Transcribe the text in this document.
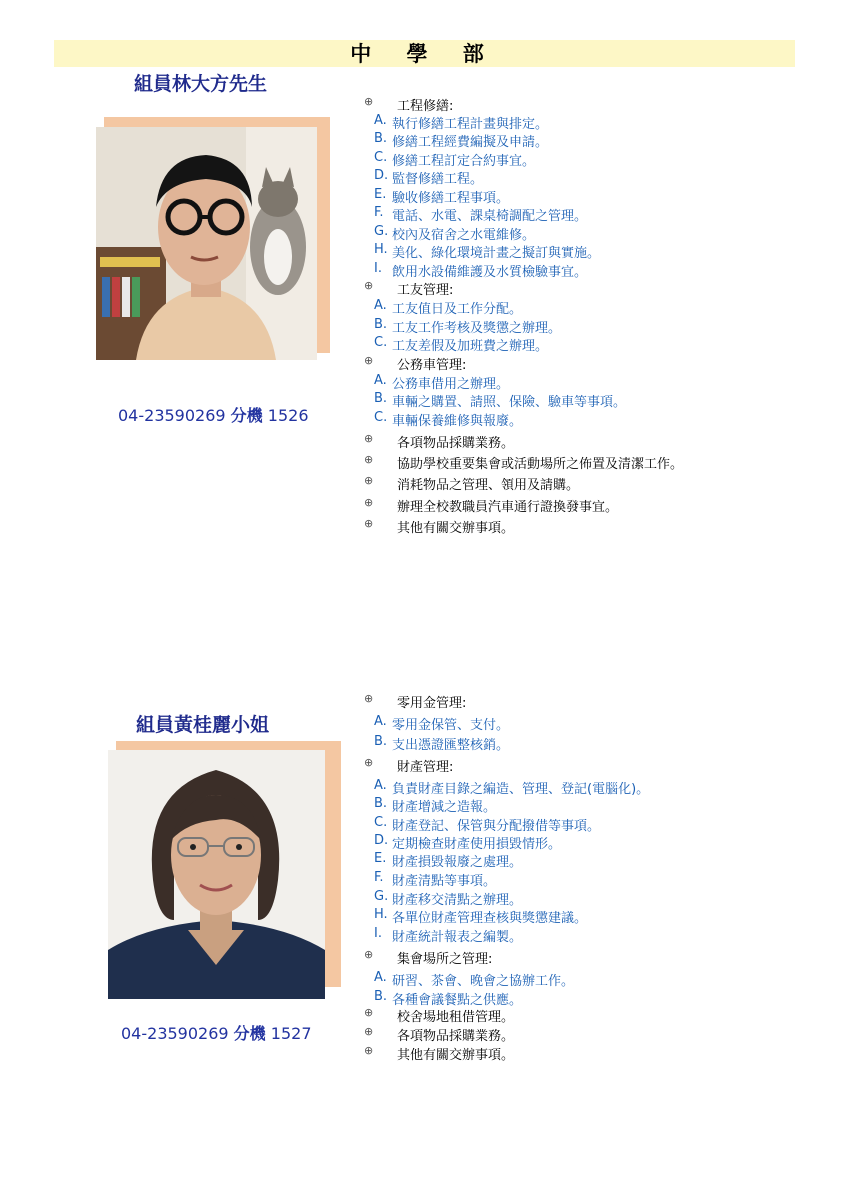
中 學 部
組員林大方先生
04-23590269 分機 1526
⊕ 工程修繕:
A. 執行修繕工程計畫與排定。
B. 修繕工程經費編擬及申請。
C. 修繕工程訂定合約事宜。
D. 監督修繕工程。
E. 驗收修繕工程事項。
F. 電話、水電、課桌椅調配之管理。
G. 校內及宿舍之水電維修。
H. 美化、綠化環境計畫之擬訂與實施。
I. 飲用水設備維護及水質檢驗事宜。
⊕ 工友管理:
A. 工友值日及工作分配。
B. 工友工作考核及獎懲之辦理。
C. 工友差假及加班費之辦理。
⊕ 公務車管理:
A. 公務車借用之辦理。
B. 車輛之購置、請照、保險、驗車等事項。
C. 車輛保養維修與報廢。
⊕ 各項物品採購業務。
⊕ 協助學校重要集會或活動場所之佈置及清潔工作。
⊕ 消耗物品之管理、領用及請購。
⊕ 辦理全校教職員汽車通行證換發事宜。
⊕ 其他有關交辦事項。
組員黃桂麗小姐
04-23590269 分機 1527
⊕ 零用金管理:
A. 零用金保管、支付。
B. 支出憑證匯整核銷。
⊕ 財產管理:
A. 負責財產目錄之編造、管理、登記(電腦化)。
B. 財產增減之造報。
C. 財產登記、保管與分配撥借等事項。
D. 定期檢查財產使用損毀情形。
E. 財產損毀報廢之處理。
F. 財產清點等事項。
G. 財產移交清點之辦理。
H. 各單位財產管理查核與獎懲建議。
I. 財產統計報表之編製。
⊕ 集會場所之管理:
A. 研習、茶會、晚會之協辦工作。
B. 各種會議餐點之供應。
⊕ 校舍場地租借管理。
⊕ 各項物品採購業務。
⊕ 其他有關交辦事項。
